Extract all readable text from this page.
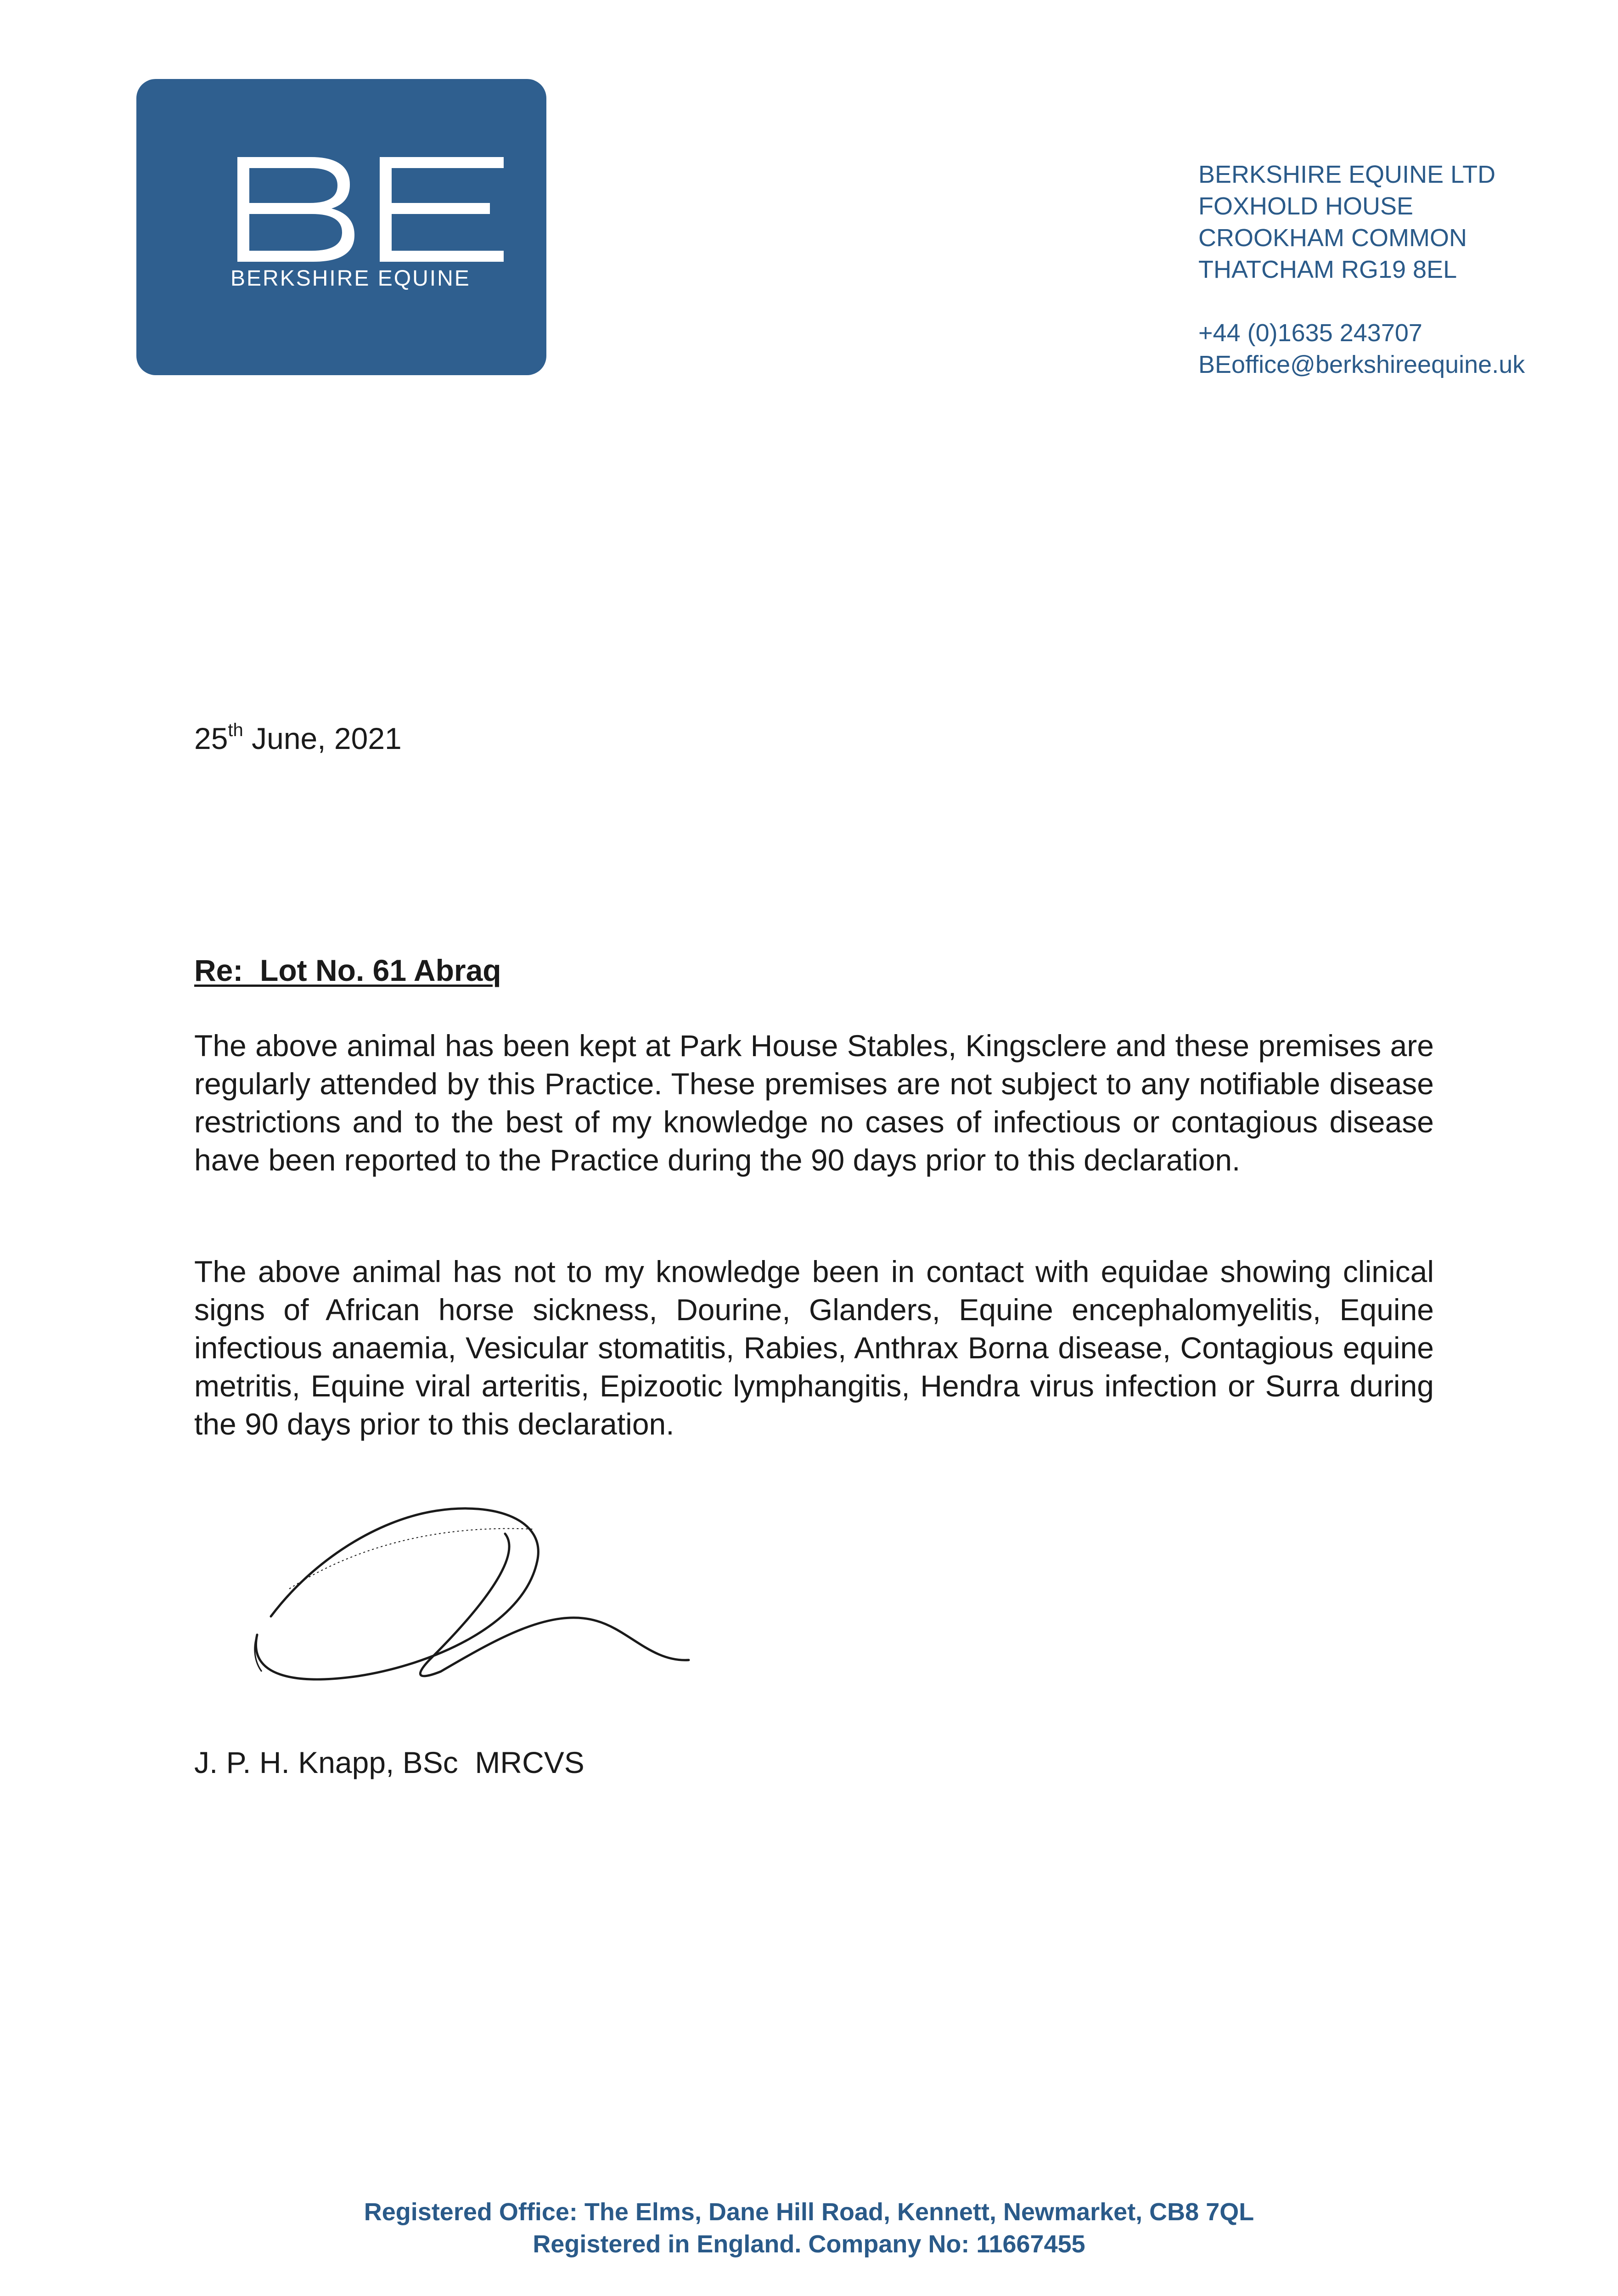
BERKSHIRE EQUINE
BERKSHIRE EQUINE LTD
FOXHOLD HOUSE
CROOKHAM COMMON
THATCHAM RG19 8EL
+44 (0)1635 243707
BEoffice@berkshireequine.uk
25th June, 2021
Re:  Lot No. 61 Abraq

The above animal has been kept at Park House Stables, Kingsclere and these premises are regularly attended by this Practice. These premises are not subject to any notifiable disease restrictions and to the best of my knowledge no cases of infectious or contagious disease have been reported to the Practice during the 90 days prior to this declaration.

The above animal has not to my knowledge been in contact with equidae showing clinical signs of African horse sickness, Dourine, Glanders, Equine encephalomyelitis, Equine infectious anaemia, Vesicular stomatitis, Rabies, Anthrax Borna disease, Contagious equine metritis, Equine viral arteritis, Epizootic lymphangitis, Hendra virus infection or Surra during the 90 days prior to this declaration.

J. P. H. Knapp, BSc  MRCVS
Registered Office: The Elms, Dane Hill Road, Kennett, Newmarket, CB8 7QL
Registered in England. Company No: 11667455
